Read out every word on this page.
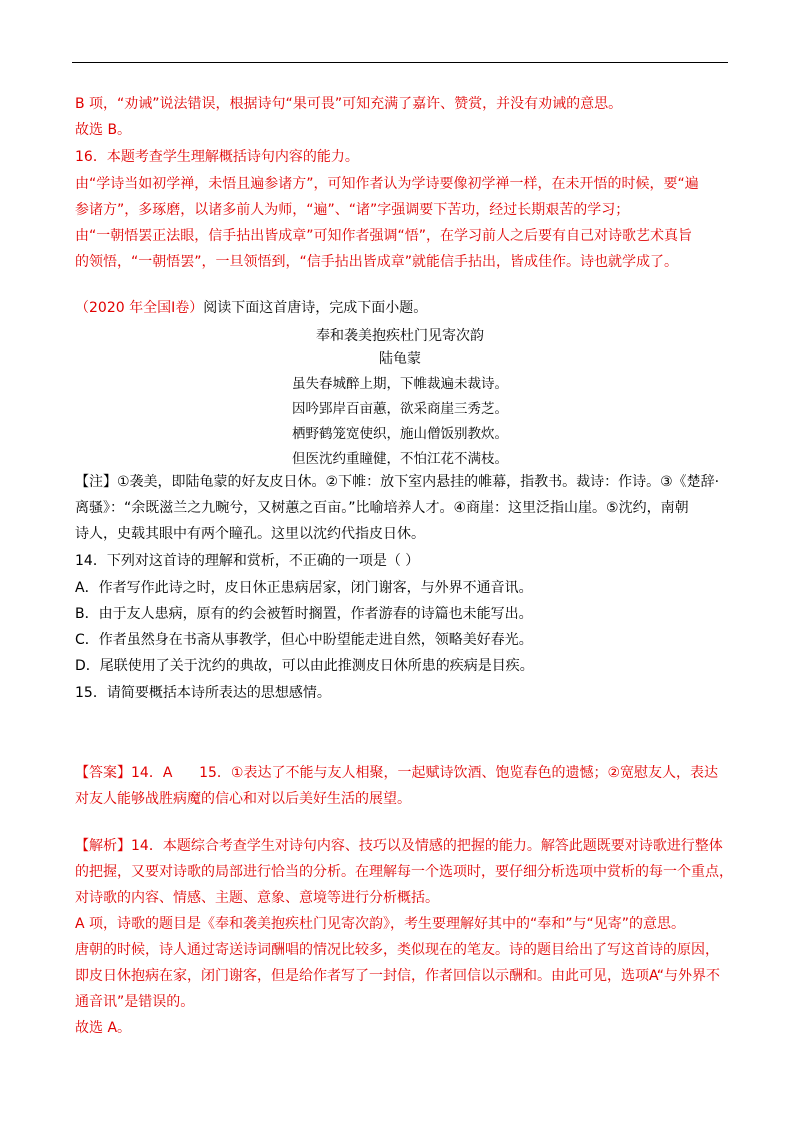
B 项，“劝诫”说法错误，根据诗句“果可畏”可知充满了嘉许、赞赏，并没有劝诫的意思。
故选 B。
16．本题考查学生理解概括诗句内容的能力。
由“学诗当如初学禅，未悟且遍参诸方”，可知作者认为学诗要像初学禅一样，在未开悟的时候，要“遍
参诸方”，多琢磨，以诸多前人为师，“遍”、“诸”字强调要下苦功，经过长期艰苦的学习；
由“一朝悟罢正法眼，信手拈出皆成章”可知作者强调“悟”，在学习前人之后要有自己对诗歌艺术真旨
的领悟，“一朝悟罢”，一旦领悟到，“信手拈出皆成章”就能信手拈出，皆成佳作。诗也就学成了。
（2020 年全国Ⅰ卷）阅读下面这首唐诗，完成下面小题。
奉和袭美抱疾杜门见寄次韵
陆龟蒙
虽失春城醉上期，下帷裁遍未裁诗。
因吟郢岸百亩蕙，欲采商崖三秀芝。
栖野鹤笼宽使织，施山僧饭别教炊。
但医沈约重瞳健，不怕江花不满枝。
【注】①袭美，即陆龟蒙的好友皮日休。②下帷：放下室内悬挂的帷幕，指教书。裁诗：作诗。③《楚辞·
离骚》：“余既滋兰之九畹兮，又树蕙之百亩。”比喻培养人才。④商崖：这里泛指山崖。⑤沈约，南朝
诗人，史载其眼中有两个瞳孔。这里以沈约代指皮日休。
14．下列对这首诗的理解和赏析，不正确的一项是（ ）
A．作者写作此诗之时，皮日休正患病居家，闭门谢客，与外界不通音讯。
B．由于友人患病，原有的约会被暂时搁置，作者游春的诗篇也未能写出。
C．作者虽然身在书斋从事教学，但心中盼望能走进自然，领略美好春光。
D．尾联使用了关于沈约的典故，可以由此推测皮日休所患的疾病是目疾。
15．请简要概括本诗所表达的思想感情。
【答案】14．A      15．①表达了不能与友人相聚，一起赋诗饮酒、饱览春色的遗憾；②宽慰友人，表达
对友人能够战胜病魔的信心和对以后美好生活的展望。
【解析】14．本题综合考查学生对诗句内容、技巧以及情感的把握的能力。解答此题既要对诗歌进行整体
的把握，又要对诗歌的局部进行恰当的分析。在理解每一个选项时，要仔细分析选项中赏析的每一个重点，
对诗歌的内容、情感、主题、意象、意境等进行分析概括。
A 项，诗歌的题目是《奉和袭美抱疾杜门见寄次韵》，考生要理解好其中的“奉和”与“见寄”的意思。
唐朝的时候，诗人通过寄送诗词酬唱的情况比较多，类似现在的笔友。诗的题目给出了写这首诗的原因，
即皮日休抱病在家，闭门谢客，但是给作者写了一封信，作者回信以示酬和。由此可见，选项A“与外界不
通音讯”是错误的。
故选 A。
